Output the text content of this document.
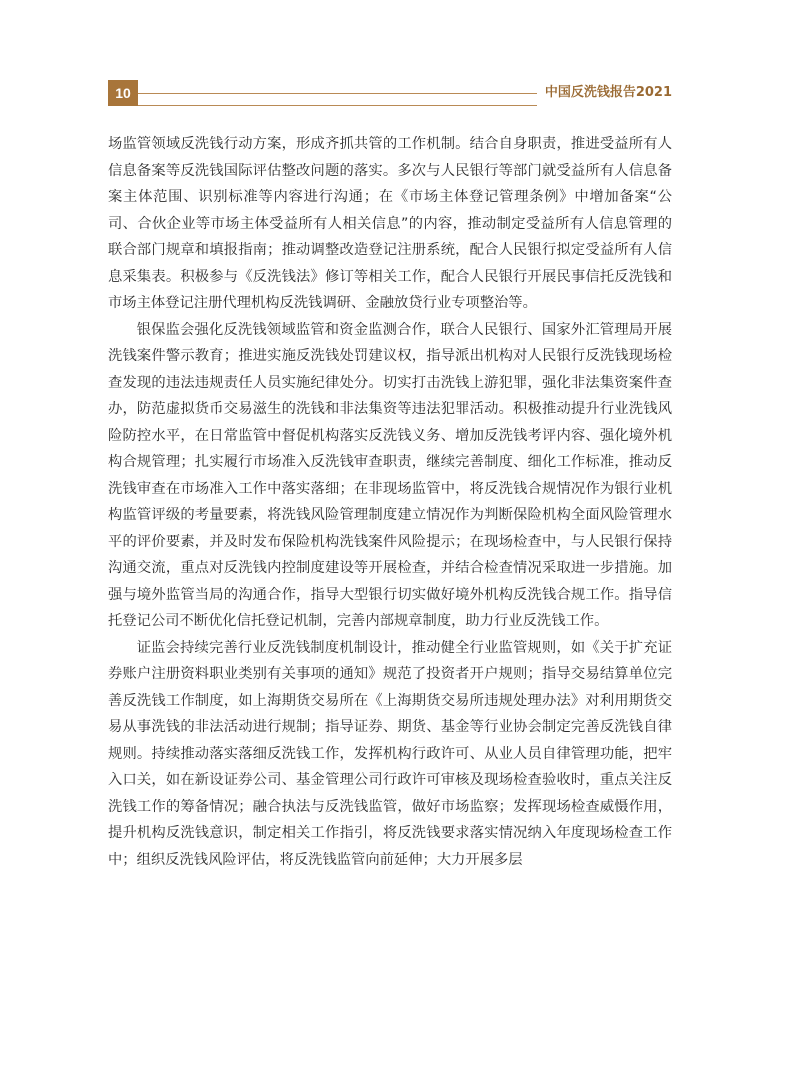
10	中国反洗钱报告2021

场监管领域反洗钱行动方案，形成齐抓共管的工作机制。结合自身职责，推进受益所有人信息备案等反洗钱国际评估整改问题的落实。多次与人民银行等部门就受益所有人信息备案主体范围、识别标准等内容进行沟通；在《市场主体登记管理条例》中增加备案“公司、合伙企业等市场主体受益所有人相关信息”的内容，推动制定受益所有人信息管理的联合部门规章和填报指南；推动调整改造登记注册系统，配合人民银行拟定受益所有人信息采集表。积极参与《反洗钱法》修订等相关工作，配合人民银行开展民事信托反洗钱和市场主体登记注册代理机构反洗钱调研、金融放贷行业专项整治等。

银保监会强化反洗钱领域监管和资金监测合作，联合人民银行、国家外汇管理局开展洗钱案件警示教育；推进实施反洗钱处罚建议权，指导派出机构对人民银行反洗钱现场检查发现的违法违规责任人员实施纪律处分。切实打击洗钱上游犯罪，强化非法集资案件查办，防范虚拟货币交易滋生的洗钱和非法集资等违法犯罪活动。积极推动提升行业洗钱风险防控水平，在日常监管中督促机构落实反洗钱义务、增加反洗钱考评内容、强化境外机构合规管理；扎实履行市场准入反洗钱审查职责，继续完善制度、细化工作标准，推动反洗钱审查在市场准入工作中落实落细；在非现场监管中，将反洗钱合规情况作为银行业机构监管评级的考量要素，将洗钱风险管理制度建立情况作为判断保险机构全面风险管理水平的评价要素，并及时发布保险机构洗钱案件风险提示；在现场检查中，与人民银行保持沟通交流，重点对反洗钱内控制度建设等开展检查，并结合检查情况采取进一步措施。加强与境外监管当局的沟通合作，指导大型银行切实做好境外机构反洗钱合规工作。指导信托登记公司不断优化信托登记机制，完善内部规章制度，助力行业反洗钱工作。

证监会持续完善行业反洗钱制度机制设计，推动健全行业监管规则，如《关于扩充证券账户注册资料职业类别有关事项的通知》规范了投资者开户规则；指导交易结算单位完善反洗钱工作制度，如上海期货交易所在《上海期货交易所违规处理办法》对利用期货交易从事洗钱的非法活动进行规制；指导证券、期货、基金等行业协会制定完善反洗钱自律规则。持续推动落实落细反洗钱工作，发挥机构行政许可、从业人员自律管理功能，把牢入口关，如在新设证券公司、基金管理公司行政许可审核及现场检查验收时，重点关注反洗钱工作的筹备情况；融合执法与反洗钱监管，做好市场监察；发挥现场检查威慑作用，提升机构反洗钱意识，制定相关工作指引，将反洗钱要求落实情况纳入年度现场检查工作中；组织反洗钱风险评估，将反洗钱监管向前延伸；大力开展多层
